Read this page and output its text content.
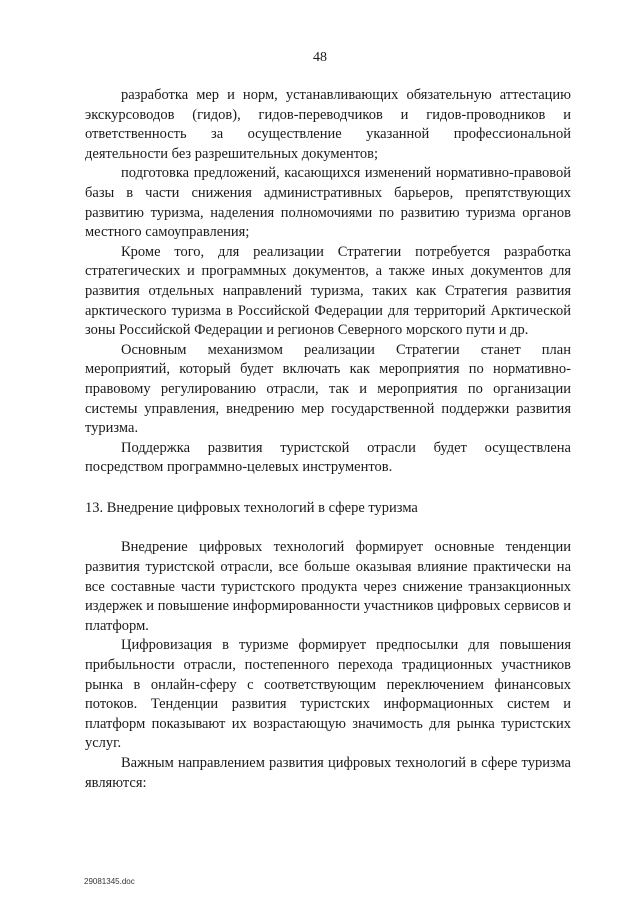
48

разработка мер и норм, устанавливающих обязательную аттестацию экскурсоводов (гидов), гидов-переводчиков и гидов-проводников и ответственность за осуществление указанной профессиональной деятельности без разрешительных документов;

подготовка предложений, касающихся изменений нормативно-правовой базы в части снижения административных барьеров, препятствующих развитию туризма, наделения полномочиями по развитию туризма органов местного самоуправления;

Кроме того, для реализации Стратегии потребуется разработка стратегических и программных документов, а также иных документов для развития отдельных направлений туризма, таких как Стратегия развития арктического туризма в Российской Федерации для территорий Арктической зоны Российской Федерации и регионов Северного морского пути и др.

Основным механизмом реализации Стратегии станет план мероприятий, который будет включать как мероприятия по нормативно-правовому регулированию отрасли, так и мероприятия по организации системы управления, внедрению мер государственной поддержки развития туризма.

Поддержка развития туристской отрасли будет осуществлена посредством программно-целевых инструментов.

13. Внедрение цифровых технологий в сфере туризма

Внедрение цифровых технологий формирует основные тенденции развития туристской отрасли, все больше оказывая влияние практически на все составные части туристского продукта через снижение транзакционных издержек и повышение информированности участников цифровых сервисов и платформ.

Цифровизация в туризме формирует предпосылки для повышения прибыльности отрасли, постепенного перехода традиционных участников рынка в онлайн-сферу с соответствующим переключением финансовых потоков. Тенденции развития туристских информационных систем и платформ показывают их возрастающую значимость для рынка туристских услуг.

Важным направлением развития цифровых технологий в сфере туризма являются:

29081345.doc
